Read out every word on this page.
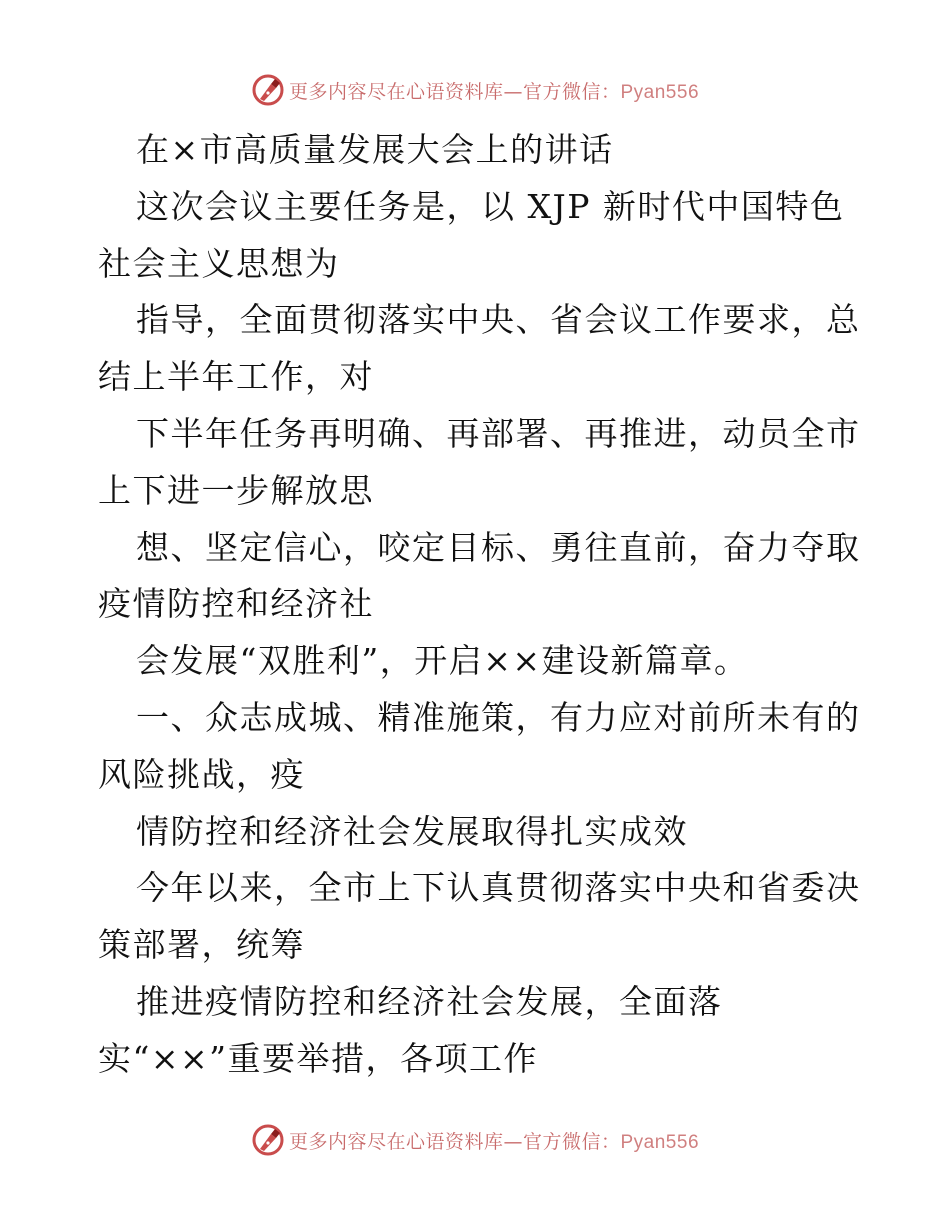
更多内容尽在心语资料库—官方微信：Pyan556
在×市高质量发展大会上的讲话
这次会议主要任务是，以 XJP 新时代中国特色
社会主义思想为
指导，全面贯彻落实中央、省会议工作要求，总
结上半年工作，对
下半年任务再明确、再部署、再推进，动员全市
上下进一步解放思
想、坚定信心，咬定目标、勇往直前，奋力夺取
疫情防控和经济社
会发展“双胜利”，开启××建设新篇章。
一、众志成城、精准施策，有力应对前所未有的
风险挑战，疫
情防控和经济社会发展取得扎实成效
今年以来，全市上下认真贯彻落实中央和省委决
策部署，统筹
推进疫情防控和经济社会发展，全面落
实“××”重要举措，各项工作
更多内容尽在心语资料库—官方微信：Pyan556
